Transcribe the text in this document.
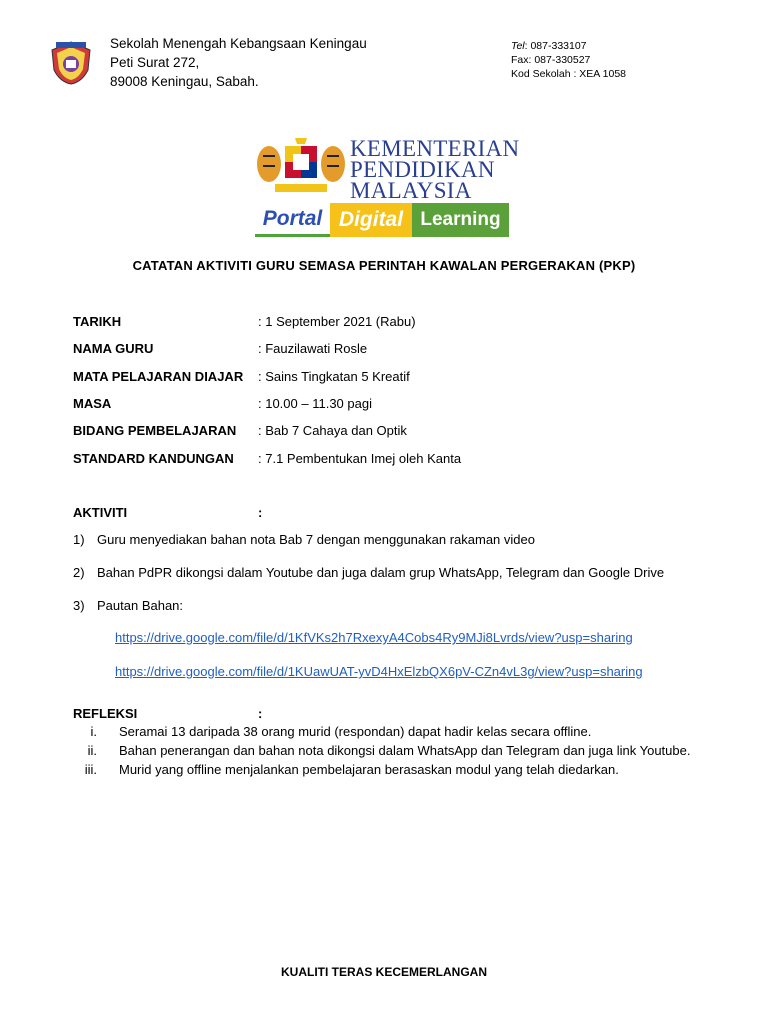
Sekolah Menengah Kebangsaan Keningau
Peti Surat 272,
89008 Keningau, Sabah.
Tel: 087-333107
Fax: 087-330527
Kod Sekolah : XEA 1058
KEMENTERIAN
PENDIDIKAN
MALAYSIA
Portal Digital Learning
CATATAN AKTIVITI GURU SEMASA PERINTAH KAWALAN PERGERAKAN (PKP)
TARIKH	: 1 September 2021 (Rabu)
NAMA GURU	: Fauzilawati Rosle
MATA PELAJARAN DIAJAR : Sains Tingkatan 5 Kreatif
MASA	: 10.00 – 11.30 pagi
BIDANG PEMBELAJARAN : Bab 7 Cahaya dan Optik
STANDARD KANDUNGAN : 7.1 Pembentukan Imej oleh Kanta
AKTIVITI	:
1) Guru menyediakan bahan nota Bab 7 dengan menggunakan rakaman video
2) Bahan PdPR dikongsi dalam Youtube dan juga dalam grup WhatsApp, Telegram dan Google Drive
3) Pautan Bahan:
https://drive.google.com/file/d/1KfVKs2h7RxexyA4Cobs4Ry9MJi8Lvrds/view?usp=sharing
https://drive.google.com/file/d/1KUawUAT-yvD4HxElzbQX6pV-CZn4vL3g/view?usp=sharing
REFLEKSI	:
i. Seramai 13 daripada 38 orang murid (respondan) dapat hadir kelas secara offline.
ii. Bahan penerangan dan bahan nota dikongsi dalam WhatsApp dan Telegram dan juga link Youtube.
iii. Murid yang offline menjalankan pembelajaran berasaskan modul yang telah diedarkan.
KUALITI TERAS KECEMERLANGAN
